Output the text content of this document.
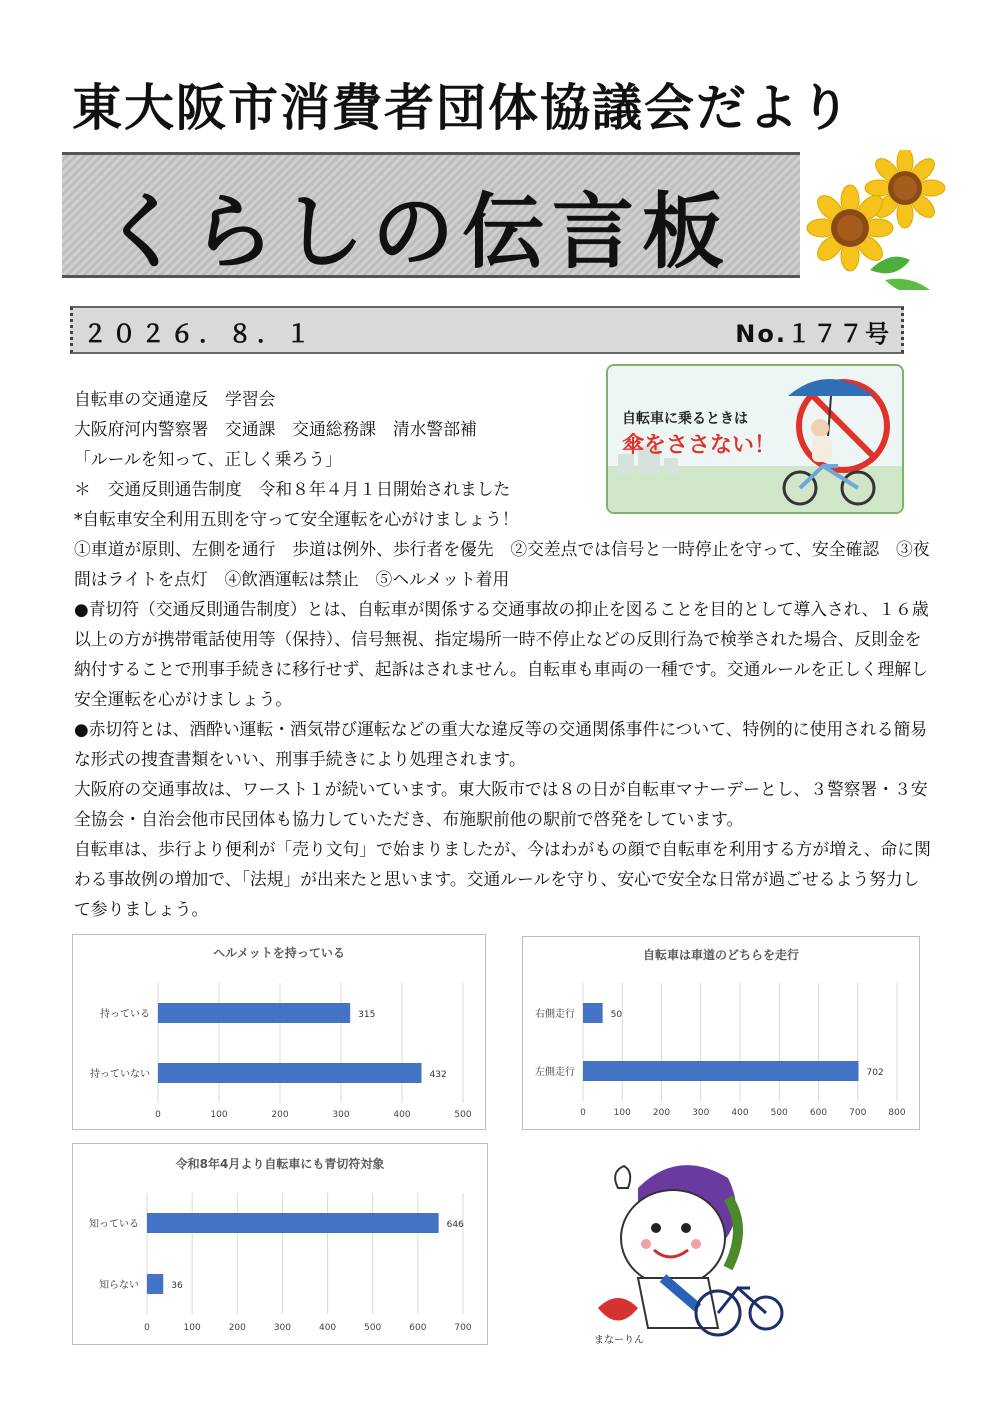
東大阪市消費者団体協議会だより
くらしの伝言板
２０２６．８．１	No.１７７号
自転車に乗るときは
傘をささない！

自転車の交通違反　学習会

大阪府河内警察署　交通課　交通総務課　清水警部補

「ルールを知って、正しく乗ろう」

＊　交通反則通告制度　令和８年４月１日開始されました

*自転車安全利用五則を守って安全運転を心がけましょう！

①車道が原則、左側を通行　歩道は例外、歩行者を優先　②交差点では信号と一時停止を守って、安全確認　③夜間はライトを点灯　④飲酒運転は禁止　⑤ヘルメット着用

●青切符（交通反則通告制度）とは、自転車が関係する交通事故の抑止を図ることを目的として導入され、１６歳以上の方が携帯電話使用等（保持）、信号無視、指定場所一時不停止などの反則行為で検挙された場合、反則金を納付することで刑事手続きに移行せず、起訴はされません。自転車も車両の一種です。交通ルールを正しく理解し安全運転を心がけましょう。

●赤切符とは、酒酔い運転・酒気帯び運転などの重大な違反等の交通関係事件について、特例的に使用される簡易な形式の捜査書類をいい、刑事手続きにより処理されます。

大阪府の交通事故は、ワースト１が続いています。東大阪市では８の日が自転車マナーデーとし、３警察署・３安全協会・自治会他市民団体も協力していただき、布施駅前他の駅前で啓発をしています。

自転車は、歩行より便利が「売り文句」で始まりましたが、今はわがもの顔で自転車を利用する方が増え、命に関わる事故例の増加で、「法規」が出来たと思います。交通ルールを守り、安心で安全な日常が過ごせるよう努力して参りましょう。

ヘルメットを持っている
0	100	200	300	400	500
持っている	315
持っていない	432
自転車は車道のどちらを走行
0	100 200 300 400 500 600 700 800
右側走行	50
左側走行	702
令和8年4月より自転車にも青切符対象
0	100	200	300	400	500	600	700
知っている	646
知らない	36
まなーりん
